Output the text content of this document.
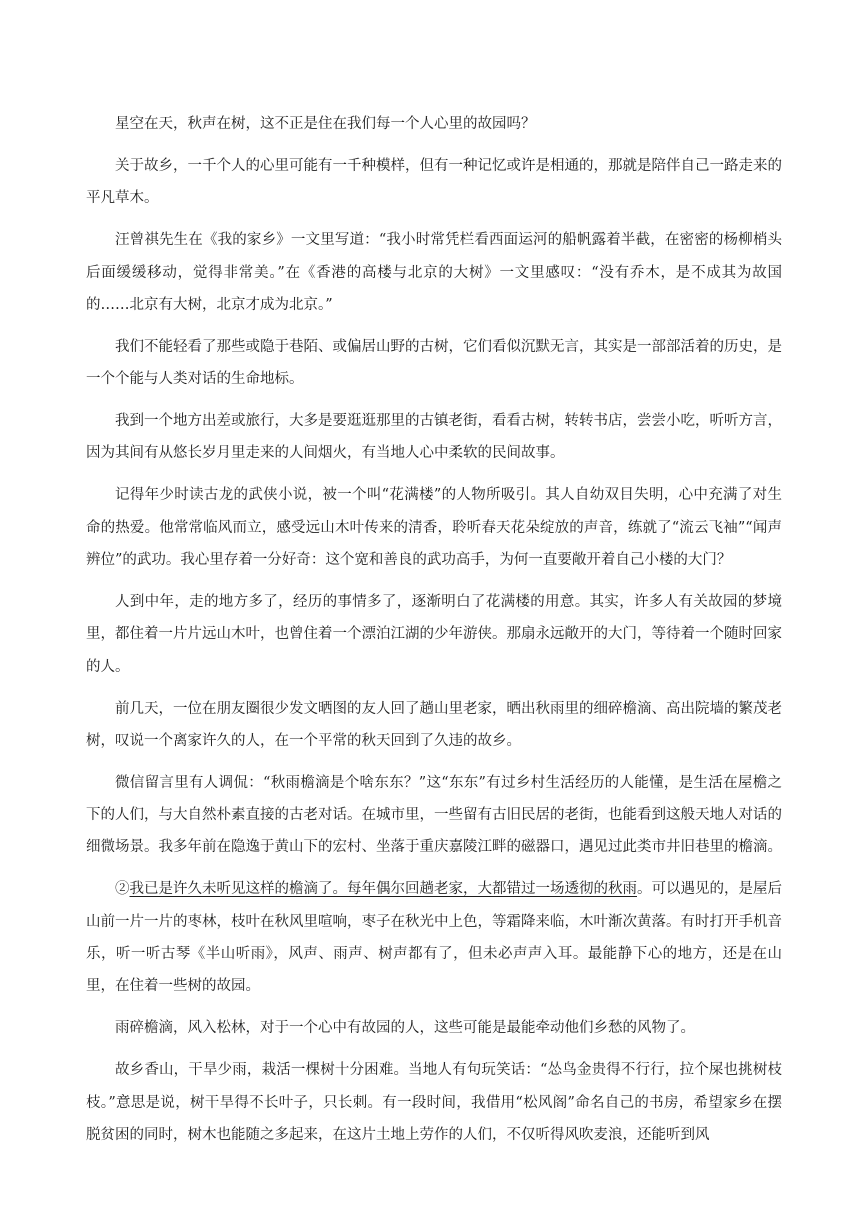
星空在天，秋声在树，这不正是住在我们每一个人心里的故园吗？

关于故乡，一千个人的心里可能有一千种模样，但有一种记忆或许是相通的，那就是陪伴自己一路走来的平凡草木。

汪曾祺先生在《我的家乡》一文里写道：“我小时常凭栏看西面运河的船帆露着半截，在密密的杨柳梢头后面缓缓移动，觉得非常美。”在《香港的高楼与北京的大树》一文里感叹：“没有乔木，是不成其为故国的……北京有大树，北京才成为北京。”

我们不能轻看了那些或隐于巷陌、或偏居山野的古树，它们看似沉默无言，其实是一部部活着的历史，是一个个能与人类对话的生命地标。

我到一个地方出差或旅行，大多是要逛逛那里的古镇老街，看看古树，转转书店，尝尝小吃，听听方言，因为其间有从悠长岁月里走来的人间烟火，有当地人心中柔软的民间故事。

记得年少时读古龙的武侠小说，被一个叫“花满楼”的人物所吸引。其人自幼双目失明，心中充满了对生命的热爱。他常常临风而立，感受远山木叶传来的清香，聆听春天花朵绽放的声音，练就了“流云飞袖”“闻声辨位”的武功。我心里存着一分好奇：这个宽和善良的武功高手，为何一直要敞开着自己小楼的大门？

人到中年，走的地方多了，经历的事情多了，逐渐明白了花满楼的用意。其实，许多人有关故园的梦境里，都住着一片片远山木叶，也曾住着一个漂泊江湖的少年游侠。那扇永远敞开的大门，等待着一个随时回家的人。

前几天，一位在朋友圈很少发文晒图的友人回了趟山里老家，晒出秋雨里的细碎檐滴、高出院墙的繁茂老树，叹说一个离家许久的人，在一个平常的秋天回到了久违的故乡。

微信留言里有人调侃：“秋雨檐滴是个啥东东？”这“东东”有过乡村生活经历的人能懂，是生活在屋檐之下的人们，与大自然朴素直接的古老对话。在城市里，一些留有古旧民居的老街，也能看到这般天地人对话的细微场景。我多年前在隐逸于黄山下的宏村、坐落于重庆嘉陵江畔的磁器口，遇见过此类市井旧巷里的檐滴。

②我已是许久未听见这样的檐滴了。每年偶尔回趟老家，大都错过一场透彻的秋雨。可以遇见的，是屋后山前一片一片的枣林，枝叶在秋风里喧响，枣子在秋光中上色，等霜降来临，木叶渐次黄落。有时打开手机音乐，听一听古琴《半山听雨》，风声、雨声、树声都有了，但未必声声入耳。最能静下心的地方，还是在山里，在住着一些树的故园。

雨碎檐滴，风入松林，对于一个心中有故园的人，这些可能是最能牵动他们乡愁的风物了。

故乡香山，干旱少雨，栽活一棵树十分困难。当地人有句玩笑话：“怂鸟金贵得不行行，拉个屎也挑树枝枝。”意思是说，树干旱得不长叶子，只长刺。有一段时间，我借用“松风阁”命名自己的书房，希望家乡在摆脱贫困的同时，树木也能随之多起来，在这片土地上劳作的人们，不仅听得风吹麦浪，还能听到风
